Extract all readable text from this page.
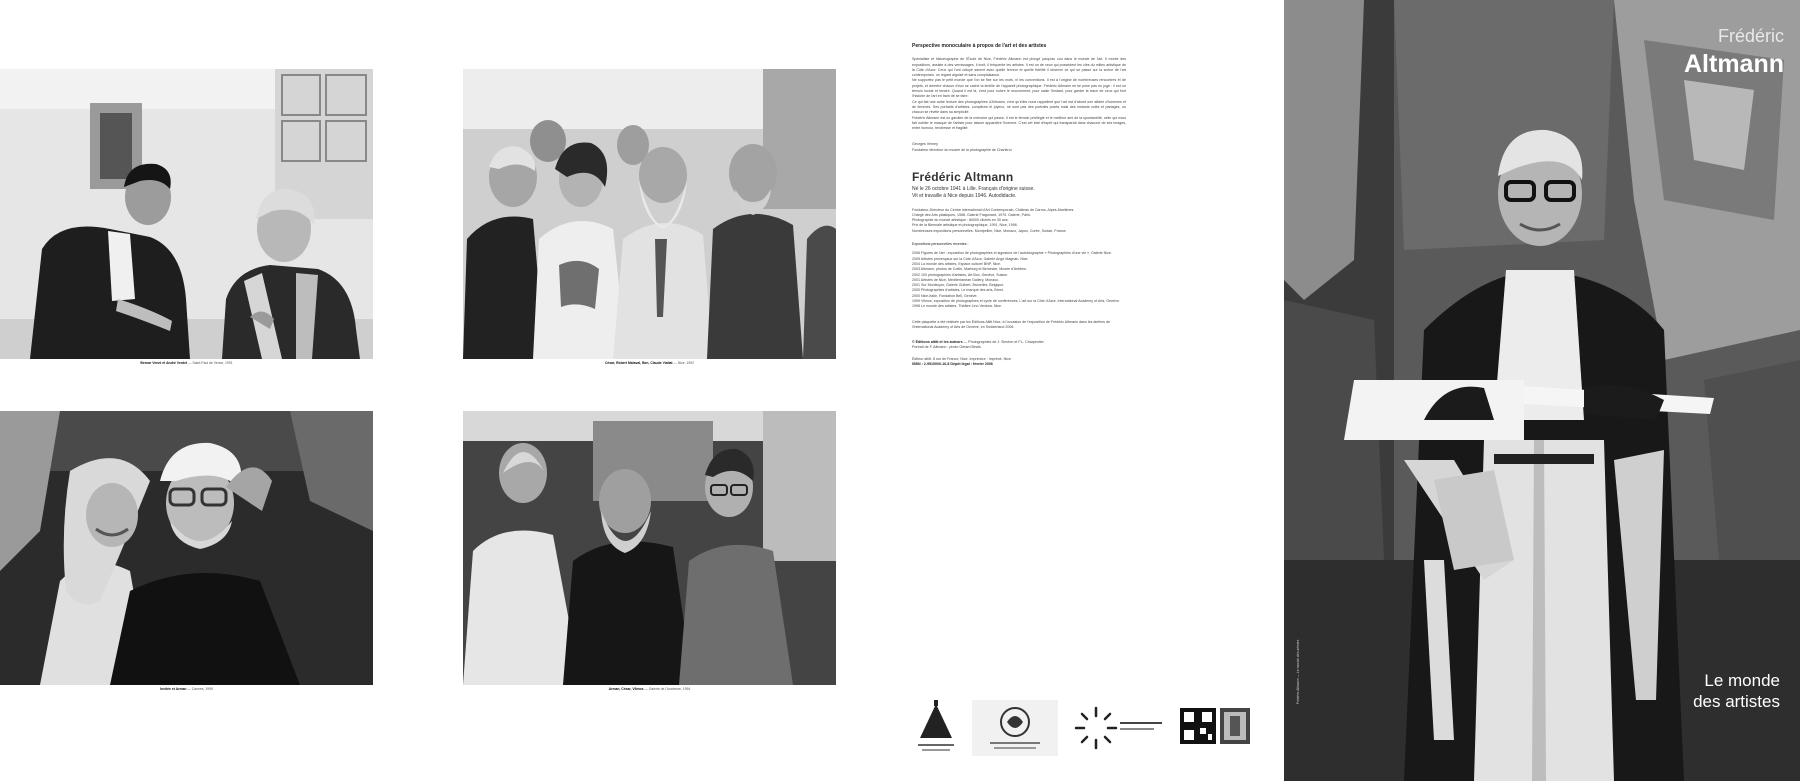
Bernar Venet et André Verdet — Saint-Paul de Vence, 1991	César, Robert Malaval, Ben, Claude Viallat — Nice, 1992
Invitée et Arman — Cannes, 1995	Arman, César, Vilmos — Galerie de l'Ancienne, 1994
Perspective monoculaire à propos de l'art et des artistes

Spécialiste et historiographe de l'École de Nice, Frédéric Altmann est plongé jusqu'au cou dans le monde de l'art. Il monte des expositions, assiste à des vernissages, il écrit, il fréquente les artistes. Il est un de ceux qui possèdent les clés du milieu artistique de la Côte d'Azur. Ceux qui l'ont côtoyé savent avec quelle ferveur et quelle fidélité il observe ce qui se passe sur la scène de l'art contemporain, un regard aiguisé et sans complaisance.

Ne supportez pas le petit monde que l'on se fixe sur les mots, ni les conventions. Il est à l'origine de nombreuses rencontres et de projets, et derrière chacun d'eux se cache la lentille de l'appareil photographique. Frédéric Altmann ne se pose pas en juge : il est un témoin lucide et tendre. Quand il est là, c'est pour suivre le mouvement, pour saisir l'instant, pour garder la trace de ceux qui font l'histoire de l'art en train de se faire.

Ce qui fait une autre lecture des photographies d'Altmann, c'est qu'elles nous rappellent que l'art est d'abord une affaire d'hommes et de femmes. Ses portraits d'artistes, complices et joyeux, ne sont pas des portraits posés mais des instants volés et partagés, où chacun se révèle dans sa simplicité.

Frédéric Altmann est un gardien de la mémoire qui passe. Il est le témoin privilégié et le meilleur ami de la spontanéité, celle qui nous fait oublier le masque de l'artiste pour laisser apparaître l'homme. C'est cet état d'esprit qui transparaît dans chacune de ses images, entre humour, tendresse et fragilité.

Georges Verney
Fondateur directeur du musée de la photographie de Charleroi
Frédéric Altmann
Né le 26 octobre 1941 à Lille. Français d'origine suisse.
Vit et travaille à Nice depuis 1946. Autodidacte.
Fondateur-Directeur du Centre international d'Art Contemporain, Château de Carros, Alpes-Maritimes.
Chargé des Arts plastiques, 1968. Galerie Fragonard, 1970. Galerie, Paris.
Photographie du monde artistique : 80000 clichés en 30 ans.
Prix de la Biennale artistique et photographique, 1991, Nice, 1996.
Nombreuses expositions personnelles, Montpellier, Nice, Monaco, Japon, Corée, Suisse, France.
Expositions personnelles récentes :
2006 Figures de l'art : exposition de photographies et signature de l'autobiographie « Photographies d'une vie », Galerie Nice.
2005 Artistes provençaux sur la Côte d'Azur, Galerie Ange Magnan, Nice.
2004 La monde des artistes, Espace culturel BNP, Nice.
2003 Altmann, photos de Cottin, Marburg et Beinecke, Musée d'Antibes.
2002 100 photographies d'artistes, Art Box, Genève, Suisse.
2001 Artistes de Nice, Mediterranean Gallery, Monaco.
2001 Sur Montluçon, Galerie Guibert, Bruxelles, Belgique.
2000 Photographies d'artistes, Le marqué des arts, Brest.
2000 Nice-Italie, Fondation Bell, Genève.
1999 Vilmos, exposition de photographies et cycle de conférences, L'art sur la Côte d'Azur, International Academy of Arts, Genève.
1998 Le monde des artistes, Théâtre Lino Ventura, Nice.
Cette plaquette a été réalisée par les Éditions Altitt Nice, à l'occasion de l'exposition de Frédéric Altmann dans les ateliers de l'International Academy of Arts de Genève, en Switzerland 2006.
© Éditions altitt et les auteurs — Photographies de J. Siméon et F.L. Charpentier
Portrait de F. Altmann : photo Gérard Beals.
Éditeur altitt. 8 rue de France, Nice. Imprimeur : Imprimé, Nice.
ISBN : 2-9510000-16-8 Dépôt légal : février 2006
Frédéric
Altmann
Le monde
des artistes
Frédéric Altmann — Le monde des artistes
